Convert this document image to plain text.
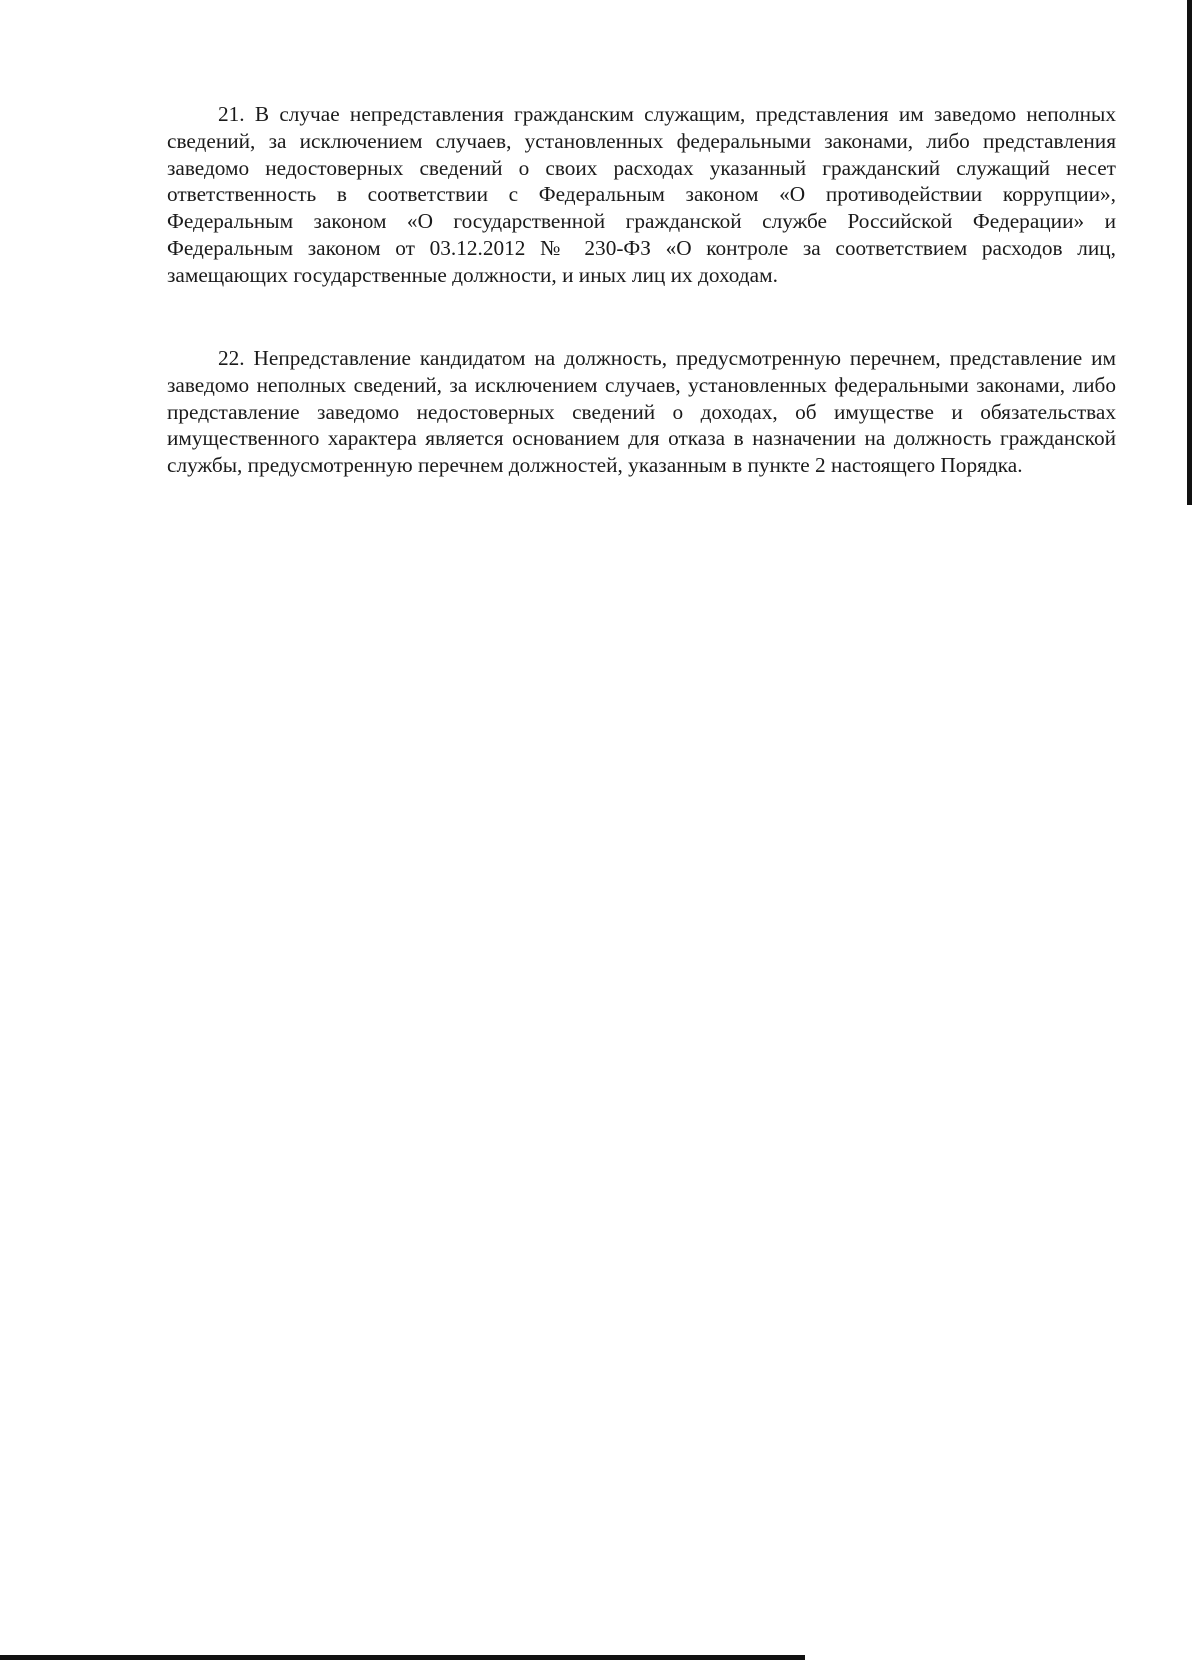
21. В случае непредставления гражданским служащим, представления им заведомо неполных сведений, за исключением случаев, установленных федеральными законами, либо представления заведомо недостоверных сведений о своих расходах указанный гражданский служащий несет ответственность в соответствии с Федеральным законом «О противодействии коррупции», Федеральным законом «О государственной гражданской службе Российской Федерации» и Федеральным законом от 03.12.2012 № 230-ФЗ «О контроле за соответствием расходов лиц, замещающих государственные должности, и иных лиц их доходам.

22. Непредставление кандидатом на должность, предусмотренную перечнем, представление им заведомо неполных сведений, за исключением случаев, установленных федеральными законами, либо представление заведомо недостоверных сведений о доходах, об имуществе и обязательствах имущественного характера является основанием для отказа в назначении на должность гражданской службы, предусмотренную перечнем должностей, указанным в пункте 2 настоящего Порядка.
